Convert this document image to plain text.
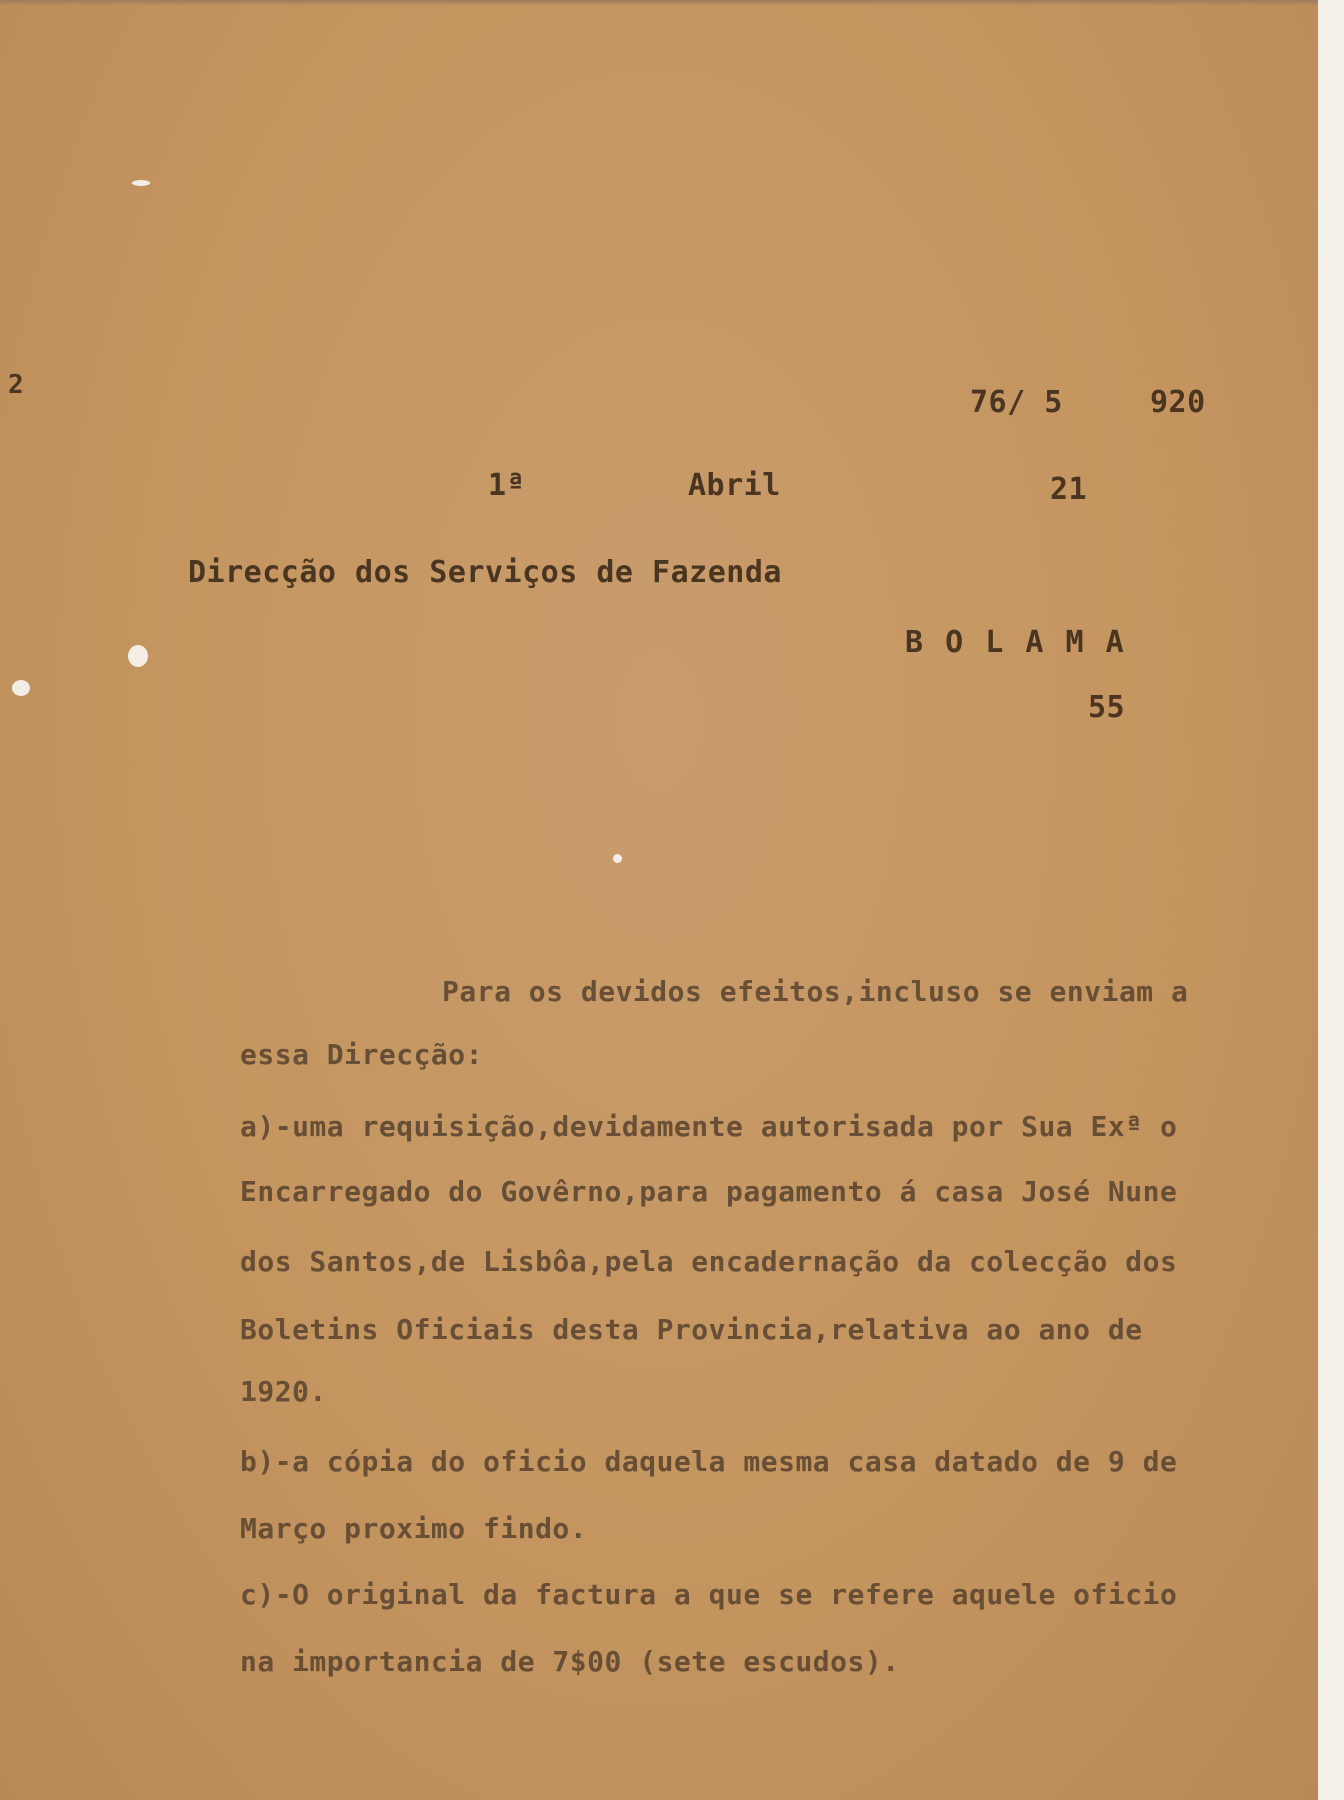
2	76/ 5	920
1ª	Abril	21
Direcção dos Serviços de Fazenda
B O L A M A
55
Para os devidos efeitos,incluso se enviam a
essa Direcção:
a)-uma requisição,devidamente autorisada por Sua Exª o
Encarregado do Govêrno,para pagamento á casa José Nune
dos Santos,de Lisbôa,pela encadernação da colecção dos
Boletins Oficiais desta Provincia,relativa ao ano de
1920.
b)-a cópia do oficio daquela mesma casa datado de 9 de
Março proximo findo.
c)-O original da factura a que se refere aquele oficio
na importancia de 7$00 (sete escudos).
